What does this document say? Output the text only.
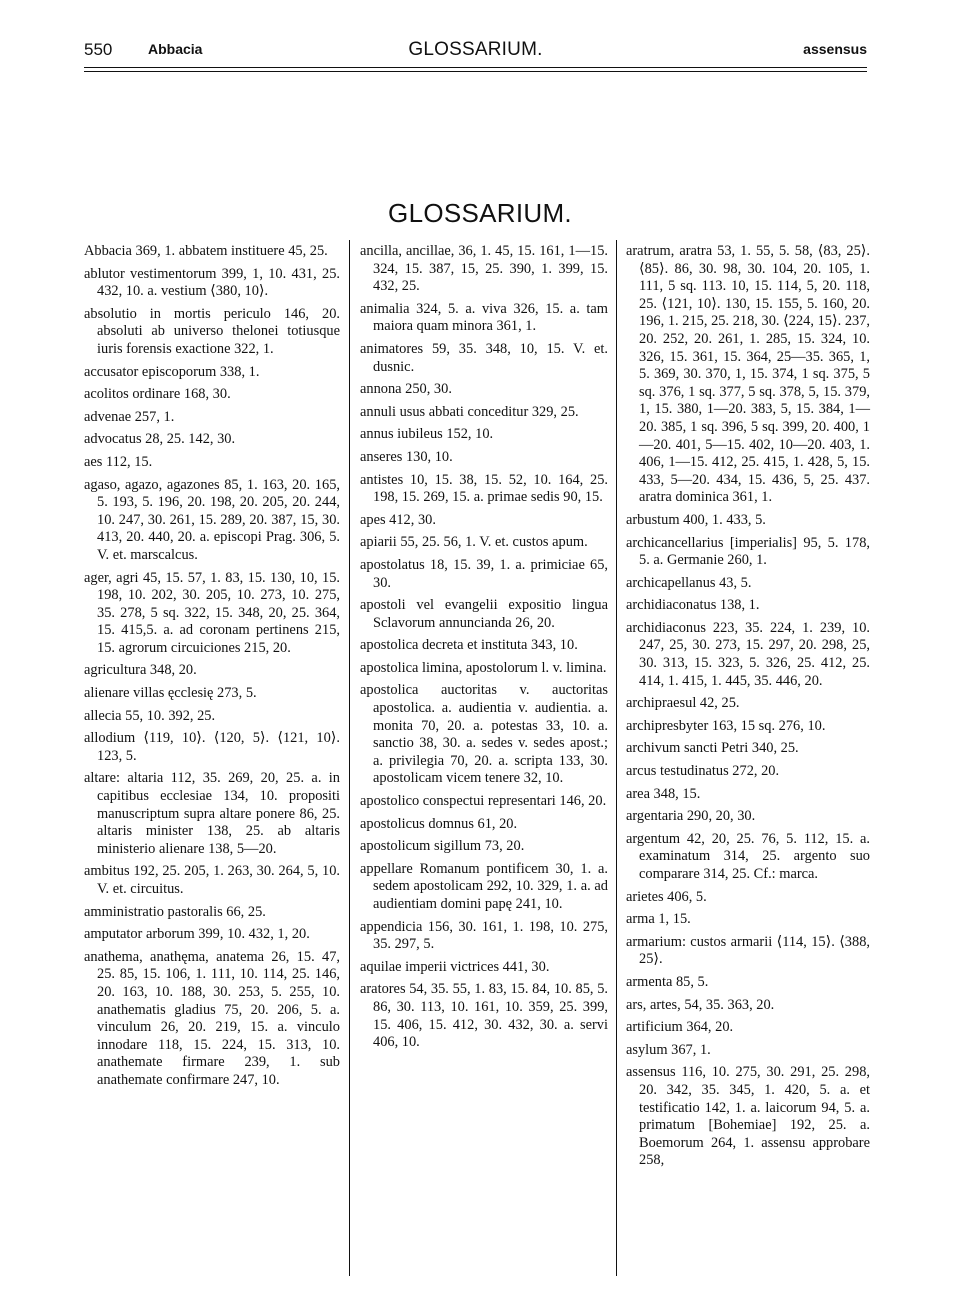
550	Abbacia	GLOSSARIUM.	assensus
GLOSSARIUM.

Abbacia 369, 1. abbatem instituere 45, 25.

ablutor vestimentorum 399, 1, 10. 431, 25. 432, 10. a. vestium ⟨380, 10⟩.

absolutio in mortis periculo 146, 20. absoluti ab universo thelonei totiusque iuris forensis exactione 322, 1.

accusator episcoporum 338, 1.

acolitos ordinare 168, 30.

advenae 257, 1.

advocatus 28, 25. 142, 30.

aes 112, 15.

agaso, agazo, agazones 85, 1. 163, 20. 165, 5. 193, 5. 196, 20. 198, 20. 205, 20. 244, 10. 247, 30. 261, 15. 289, 20. 387, 15, 30. 413, 20. 440, 20. a. episcopi Prag. 306, 5. V. et. marscalcus.

ager, agri 45, 15. 57, 1. 83, 15. 130, 10, 15. 198, 10. 202, 30. 205, 10. 273, 10. 275, 35. 278, 5 sq. 322, 15. 348, 20, 25. 364, 15. 415,5. a. ad coronam pertinens 215, 15. agrorum circuiciones 215, 20.

agricultura 348, 20.

alienare villas ęcclesię 273, 5.

allecia 55, 10. 392, 25.

allodium ⟨119, 10⟩. ⟨120, 5⟩. ⟨121, 10⟩. 123, 5.

altare: altaria 112, 35. 269, 20, 25. a. in capitibus ecclesiae 134, 10. propositi manuscriptum supra altare ponere 86, 25. altaris minister 138, 25. ab altaris ministerio alienare 138, 5—20.

ambitus 192, 25. 205, 1. 263, 30. 264, 5, 10. V. et. circuitus.

amministratio pastoralis 66, 25.

amputator arborum 399, 10. 432, 1, 20.

anathema, anathęma, anatema 26, 15. 47, 25. 85, 15. 106, 1. 111, 10. 114, 25. 146, 20. 163, 10. 188, 30. 253, 5. 255, 10. anathematis gladius 75, 20. 206, 5. a. vinculum 26, 20. 219, 15. a. vinculo innodare 118, 15. 224, 15. 313, 10. anathemate firmare 239, 1. sub anathemate confirmare 247, 10.

ancilla, ancillae, 36, 1. 45, 15. 161, 1—15. 324, 15. 387, 15, 25. 390, 1. 399, 15. 432, 25.

animalia 324, 5. a. viva 326, 15. a. tam maiora quam minora 361, 1.

animatores 59, 35. 348, 10, 15. V. et. dusnic.

annona 250, 30.

annuli usus abbati conceditur 329, 25.

annus iubileus 152, 10.

anseres 130, 10.

antistes 10, 15. 38, 15. 52, 10. 164, 25. 198, 15. 269, 15. a. primae sedis 90, 15.

apes 412, 30.

apiarii 55, 25. 56, 1. V. et. custos apum.

apostolatus 18, 15. 39, 1. a. primiciae 65, 30.

apostoli vel evangelii expositio lingua Sclavorum annuncianda 26, 20.

apostolica decreta et instituta 343, 10.

apostolica limina, apostolorum l. v. limina.

apostolica auctoritas v. auctoritas apostolica. a. audientia v. audientia. a. monita 70, 20. a. potestas 33, 10. a. sanctio 38, 30. a. sedes v. sedes apost.; a. privilegia 70, 20. a. scripta 133, 30. apostolicam vicem tenere 32, 10.

apostolico conspectui representari 146, 20.

apostolicus domnus 61, 20.

apostolicum sigillum 73, 20.

appellare Romanum pontificem 30, 1. a. sedem apostolicam 292, 10. 329, 1. a. ad audientiam domini papę 241, 10.

appendicia 156, 30. 161, 1. 198, 10. 275, 35. 297, 5.

aquilae imperii victrices 441, 30.

aratores 54, 35. 55, 1. 83, 15. 84, 10. 85, 5. 86, 30. 113, 10. 161, 10. 359, 25. 399, 15. 406, 15. 412, 30. 432, 30. a. servi 406, 10.

aratrum, aratra 53, 1. 55, 5. 58, ⟨83, 25⟩. ⟨85⟩. 86, 30. 98, 30. 104, 20. 105, 1. 111, 5 sq. 113. 10, 15. 114, 5, 20. 118, 25. ⟨121, 10⟩. 130, 15. 155, 5. 160, 20. 196, 1. 215, 25. 218, 30. ⟨224, 15⟩. 237, 20. 252, 20. 261, 1. 285, 15. 324, 10. 326, 15. 361, 15. 364, 25—35. 365, 1, 5. 369, 30. 370, 1, 15. 374, 1 sq. 375, 5 sq. 376, 1 sq. 377, 5 sq. 378, 5, 15. 379, 1, 15. 380, 1—20. 383, 5, 15. 384, 1—20. 385, 1 sq. 396, 5 sq. 399, 20. 400, 1—20. 401, 5—15. 402, 10—20. 403, 1. 406, 1—15. 412, 25. 415, 1. 428, 5, 15. 433, 5—20. 434, 15. 436, 5, 25. 437. aratra dominica 361, 1.

arbustum 400, 1. 433, 5.

archicancellarius [imperialis] 95, 5. 178, 5. a. Germanie 260, 1.

archicapellanus 43, 5.

archidiaconatus 138, 1.

archidiaconus 223, 35. 224, 1. 239, 10. 247, 25, 30. 273, 15. 297, 20. 298, 25, 30. 313, 15. 323, 5. 326, 25. 412, 25. 414, 1. 415, 1. 445, 35. 446, 20.

archipraesul 42, 25.

archipresbyter 163, 15 sq. 276, 10.

archivum sancti Petri 340, 25.

arcus testudinatus 272, 20.

area 348, 15.

argentaria 290, 20, 30.

argentum 42, 20, 25. 76, 5. 112, 15. a. examinatum 314, 25. argento suo comparare 314, 25. Cf.: marca.

arietes 406, 5.

arma 1, 15.

armarium: custos armarii ⟨114, 15⟩. ⟨388, 25⟩.

armenta 85, 5.

ars, artes, 54, 35. 363, 20.

artificium 364, 20.

asylum 367, 1.

assensus 116, 10. 275, 30. 291, 25. 298, 20. 342, 35. 345, 1. 420, 5. a. et testificatio 142, 1. a. laicorum 94, 5. a. primatum [Bohemiae] 192, 25. a. Boemorum 264, 1. assensu approbare 258,
